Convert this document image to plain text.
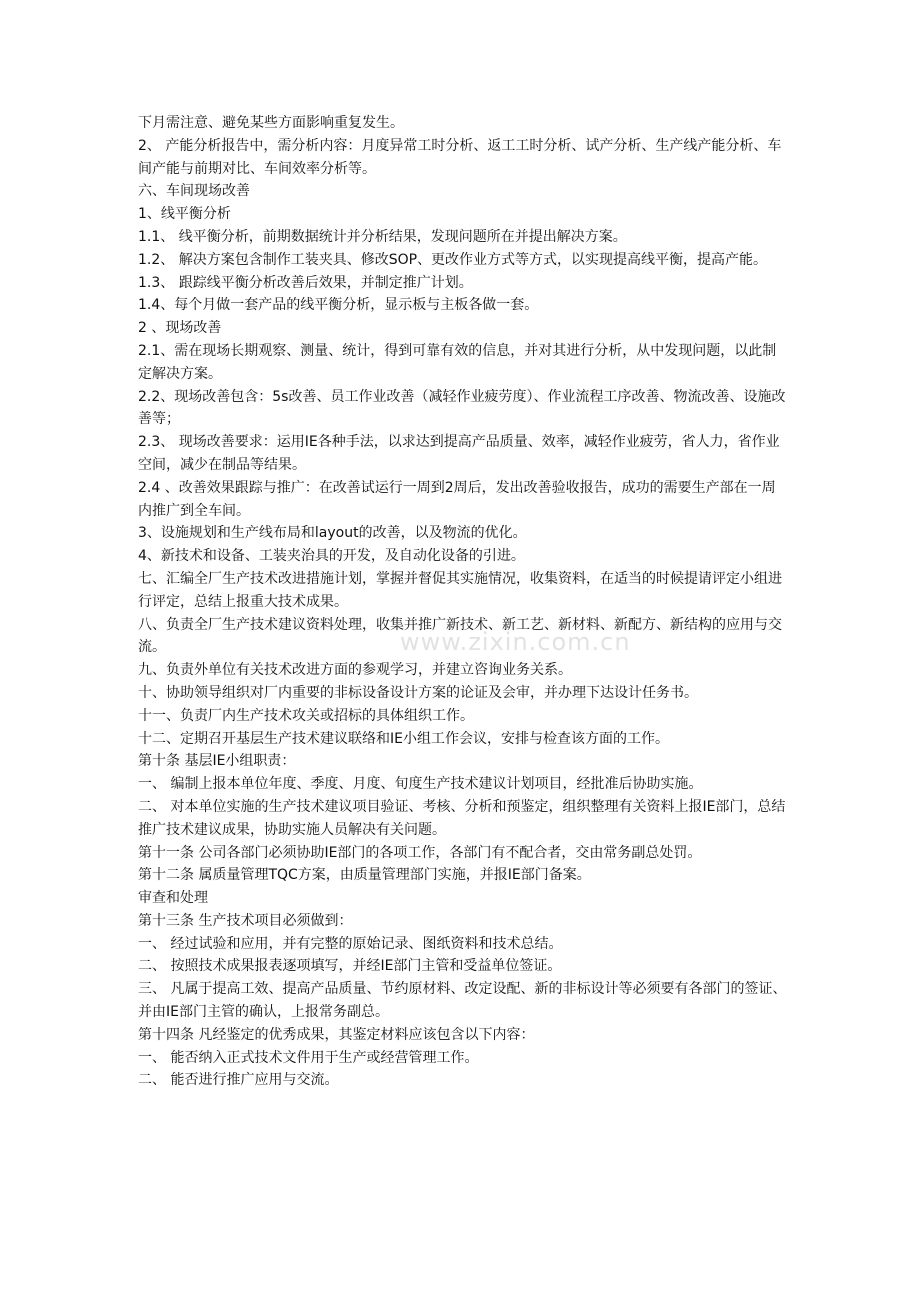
下月需注意、避免某些方面影响重复发生。

2、 产能分析报告中，需分析内容：月度异常工时分析、返工工时分析、试产分析、生产线产能分析、车间产能与前期对比、车间效率分析等。

六、车间现场改善

1、线平衡分析

1.1、 线平衡分析，前期数据统计并分析结果，发现问题所在并提出解决方案。

1.2、 解决方案包含制作工装夹具、修改SOP、更改作业方式等方式，以实现提高线平衡，提高产能。

1.3、 跟踪线平衡分析改善后效果，并制定推广计划。

1.4、每个月做一套产品的线平衡分析，显示板与主板各做一套。

2 、现场改善

2.1、需在现场长期观察、测量、统计，得到可靠有效的信息，并对其进行分析，从中发现问题，以此制定解决方案。

2.2、现场改善包含：5s改善、员工作业改善（减轻作业疲劳度）、作业流程工序改善、物流改善、设施改善等；

2.3、 现场改善要求：运用IE各种手法，以求达到提高产品质量、效率，减轻作业疲劳，省人力，省作业空间，减少在制品等结果。

2.4 、改善效果跟踪与推广：在改善试运行一周到2周后，发出改善验收报告，成功的需要生产部在一周内推广到全车间。

3、设施规划和生产线布局和layout的改善，以及物流的优化。

4、新技术和设备、工装夹治具的开发，及自动化设备的引进。

七、汇编全厂生产技术改进措施计划，掌握并督促其实施情况，收集资料，在适当的时候提请评定小组进行评定，总结上报重大技术成果。

八、负责全厂生产技术建议资料处理，收集并推广新技术、新工艺、新材料、新配方、新结构的应用与交流。

九、负责外单位有关技术改进方面的参观学习，并建立咨询业务关系。

十、协助领导组织对厂内重要的非标设备设计方案的论证及会审，并办理下达设计任务书。

十一、负责厂内生产技术攻关或招标的具体组织工作。

十二、定期召开基层生产技术建议联络和IE小组工作会议，安排与检查该方面的工作。

第十条 基层IE小组职责：

一、 编制上报本单位年度、季度、月度、旬度生产技术建议计划项目，经批准后协助实施。

二、 对本单位实施的生产技术建议项目验证、考核、分析和预鉴定，组织整理有关资料上报IE部门，总结推广技术建议成果，协助实施人员解决有关问题。

第十一条 公司各部门必须协助IE部门的各项工作，各部门有不配合者，交由常务副总处罚。

第十二条 属质量管理TQC方案，由质量管理部门实施，并报IE部门备案。

审查和处理

第十三条 生产技术项目必须做到：

一、 经过试验和应用，并有完整的原始记录、图纸资料和技术总结。

二、 按照技术成果报表逐项填写，并经IE部门主管和受益单位签证。

三、 凡属于提高工效、提高产品质量、节约原材料、改定设配、新的非标设计等必须要有各部门的签证、并由IE部门主管的确认，上报常务副总。

第十四条 凡经鉴定的优秀成果，其鉴定材料应该包含以下内容：

一、 能否纳入正式技术文件用于生产或经营管理工作。

二、 能否进行推广应用与交流。

www.zixin.com.cn
